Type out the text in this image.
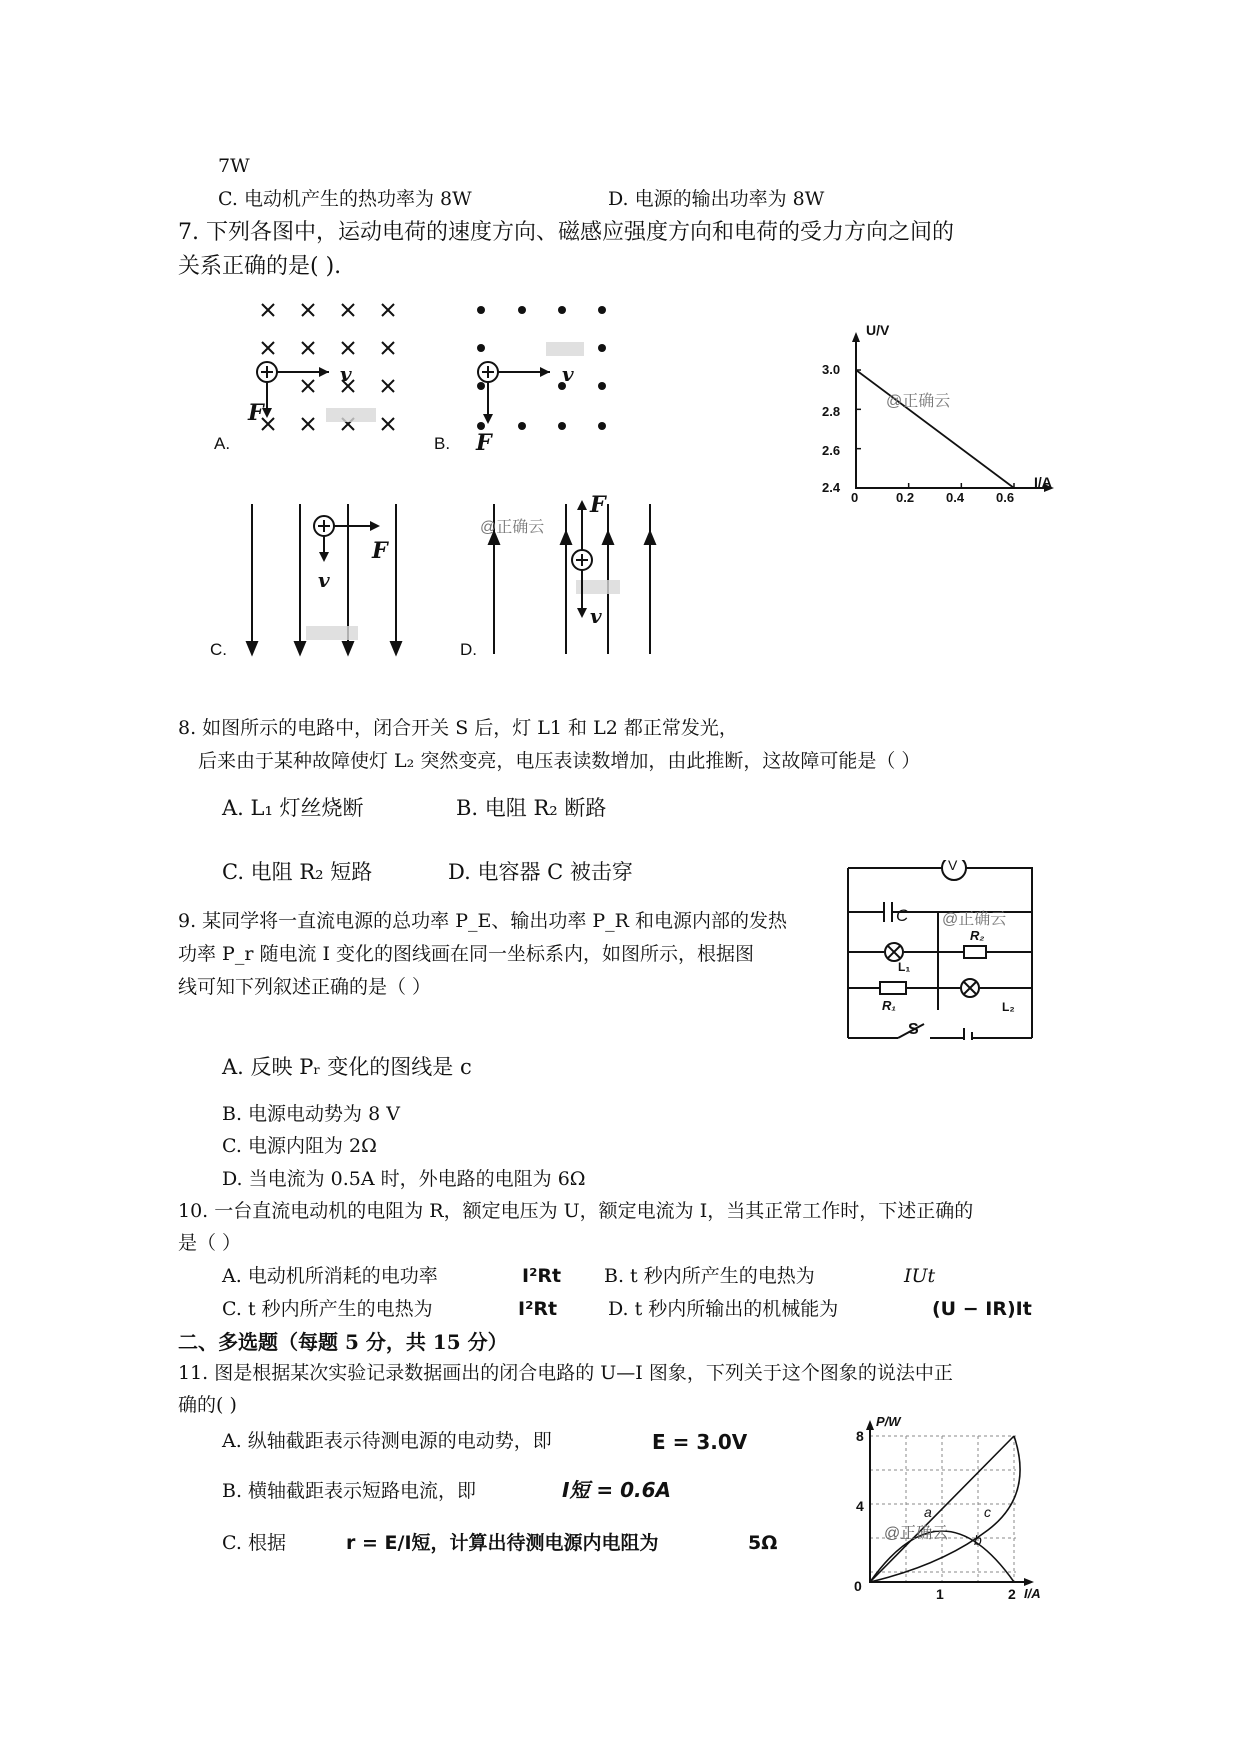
7W
C. 电动机产生的热功率为 8W	D. 电源的输出功率为 8W
7. 下列各图中，运动电荷的速度方向、磁感应强度方向和电荷的受力方向之间的
关系正确的是( ).
A.
v
F
B.
v
F
U/V
I/A
3.0
2.8
2.6
2.4
0	0.2 0.4 0.6
@正确云
C.
v
F
D.
@正确云
F
v
8. 如图所示的电路中，闭合开关 S 后，灯 L1 和 L2 都正常发光，
后来由于某种故障使灯 L₂ 突然变亮，电压表读数增加，由此推断，这故障可能是（ ）
A. L₁ 灯丝烧断	B. 电阻 R₂ 断路
C. 电阻 R₂ 短路	D. 电容器 C 被击穿	V
C @正确云
L₁
R₂
R₁
S
L₂
9. 某同学将一直流电源的总功率 P_E、输出功率 P_R 和电源内部的发热
功率 P_r 随电流 I 变化的图线画在同一坐标系内，如图所示，根据图
线可知下列叙述正确的是（ ）
A. 反映 Pᵣ 变化的图线是 c
B. 电源电动势为 8 V
C. 电源内阻为 2Ω
D. 当电流为 0.5A 时，外电路的电阻为 6Ω
10. 一台直流电动机的电阻为 R，额定电压为 U，额定电流为 I，当其正常工作时，下述正确的
是（ ）
A. 电动机所消耗的电功率	I²Rt B. t 秒内所产生的电热为	IUt
C. t 秒内所产生的电热为	I²Rt	D. t 秒内所输出的机械能为	(U − IR)It
二、多选题（每题 5 分，共 15 分）
11. 图是根据某次实验记录数据画出的闭合电路的 U—I 图象，下列关于这个图象的说法中正
确的( )
A. 纵轴截距表示待测电源的电动势，即	E = 3.0V
B. 横轴截距表示短路电流，即	I短 = 0.6A
C. 根据	r = E/I短，计算出待测电源内电阻为	5Ω
P/W
I/A
8
4
0	1	2
a
b
c
@正确云
